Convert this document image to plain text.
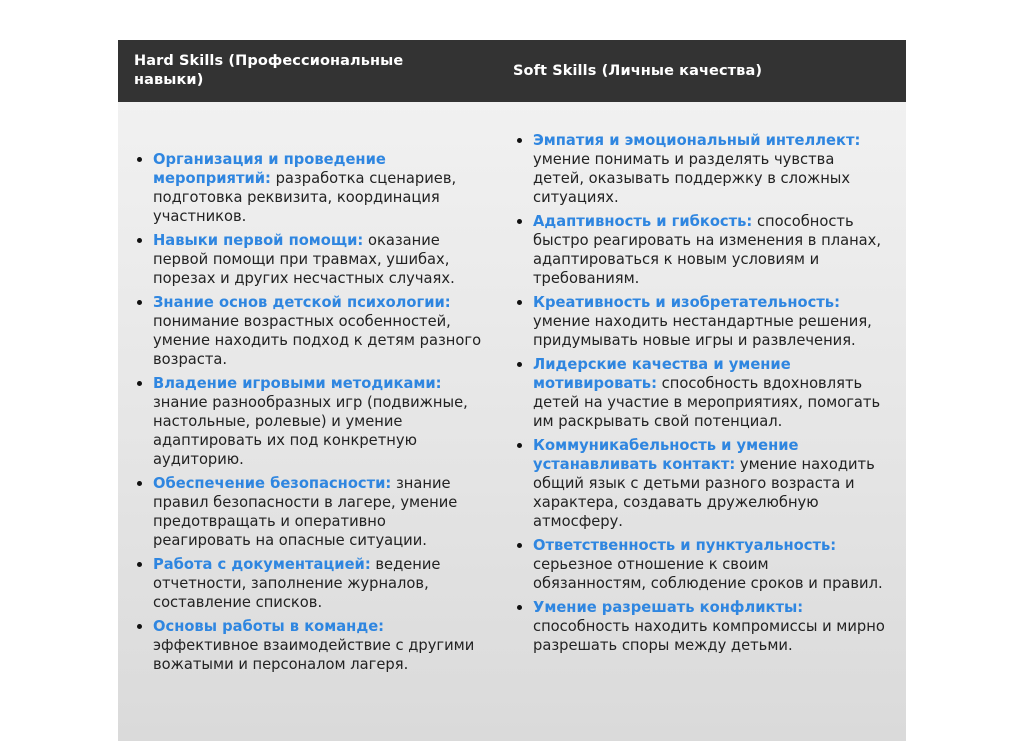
Hard Skills (Профессиональные навыки)
Soft Skills (Личные качества)
Организация и проведение мероприятий: разработка сценариев, подготовка реквизита, координация участников.
Навыки первой помощи: оказание первой помощи при травмах, ушибах, порезах и других несчастных случаях.
Знание основ детской психологии: понимание возрастных особенностей, умение находить подход к детям разного возраста.
Владение игровыми методиками: знание разнообразных игр (подвижные, настольные, ролевые) и умение адаптировать их под конкретную аудиторию.
Обеспечение безопасности: знание правил безопасности в лагере, умение предотвращать и оперативно реагировать на опасные ситуации.
Работа с документацией: ведение отчетности, заполнение журналов, составление списков.
Основы работы в команде: эффективное взаимодействие с другими вожатыми и персоналом лагеря.
Эмпатия и эмоциональный интеллект: умение понимать и разделять чувства детей, оказывать поддержку в сложных ситуациях.
Адаптивность и гибкость: способность быстро реагировать на изменения в планах, адаптироваться к новым условиям и требованиям.
Креативность и изобретательность: умение находить нестандартные решения, придумывать новые игры и развлечения.
Лидерские качества и умение мотивировать: способность вдохновлять детей на участие в мероприятиях, помогать им раскрывать свой потенциал.
Коммуникабельность и умение устанавливать контакт: умение находить общий язык с детьми разного возраста и характера, создавать дружелюбную атмосферу.
Ответственность и пунктуальность: серьезное отношение к своим обязанностям, соблюдение сроков и правил.
Умение разрешать конфликты: способность находить компромиссы и мирно разрешать споры между детьми.
